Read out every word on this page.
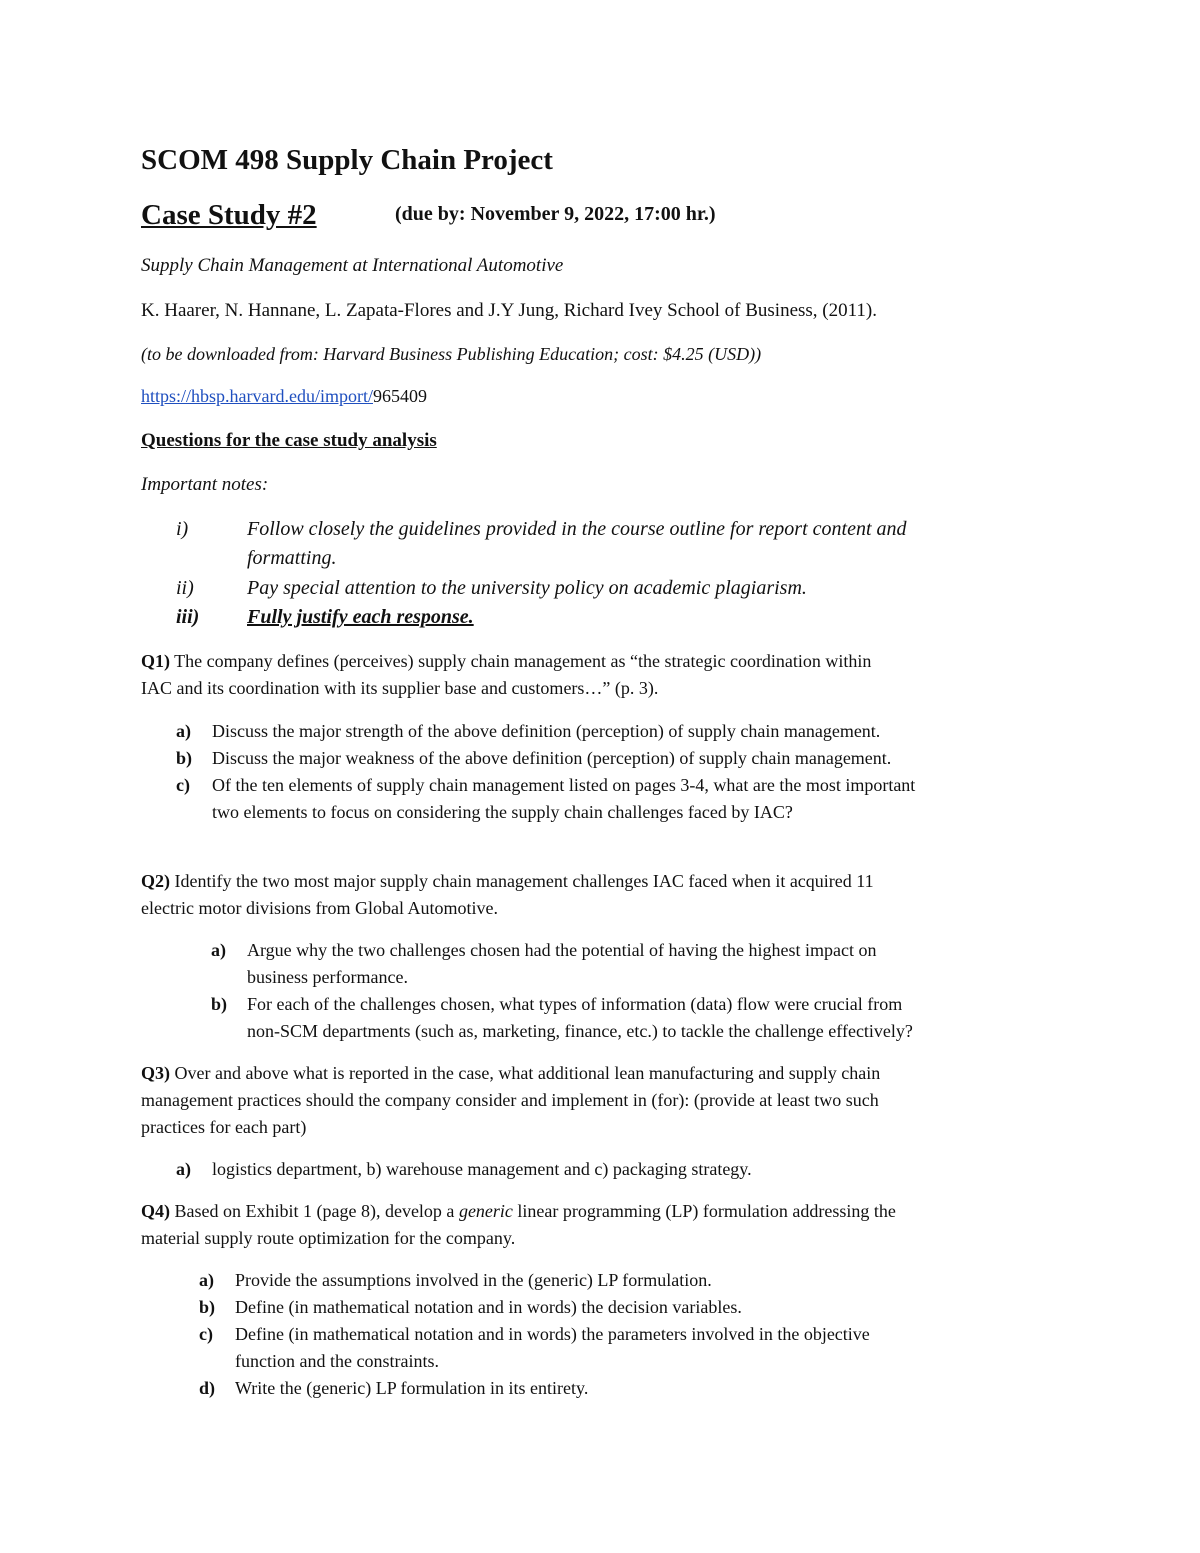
SCOM 498 Supply Chain Project
Case Study #2	(due by: November 9, 2022, 17:00 hr.)
Supply Chain Management at International Automotive
K. Haarer, N. Hannane, L. Zapata-Flores and J.Y Jung, Richard Ivey School of Business, (2011).
(to be downloaded from: Harvard Business Publishing Education; cost: $4.25 (USD))
https://hbsp.harvard.edu/import/965409
Questions for the case study analysis
Important notes:
i)	Follow closely the guidelines provided in the course outline for report content and
formatting.
ii)	Pay special attention to the university policy on academic plagiarism.
iii) Fully justify each response.
Q1) The company defines (perceives) supply chain management as “the strategic coordination within
IAC and its coordination with its supplier base and customers…” (p. 3).
a) Discuss the major strength of the above definition (perception) of supply chain management.
b) Discuss the major weakness of the above definition (perception) of supply chain management.
c) Of the ten elements of supply chain management listed on pages 3-4, what are the most important
two elements to focus on considering the supply chain challenges faced by IAC?
Q2) Identify the two most major supply chain management challenges IAC faced when it acquired 11
electric motor divisions from Global Automotive.
a) Argue why the two challenges chosen had the potential of having the highest impact on
business performance.
b) For each of the challenges chosen, what types of information (data) flow were crucial from
non-SCM departments (such as, marketing, finance, etc.) to tackle the challenge effectively?
Q3) Over and above what is reported in the case, what additional lean manufacturing and supply chain
management practices should the company consider and implement in (for): (provide at least two such
practices for each part)
a) logistics department, b) warehouse management and c) packaging strategy.
Q4) Based on Exhibit 1 (page 8), develop a generic linear programming (LP) formulation addressing the
material supply route optimization for the company.
a) Provide the assumptions involved in the (generic) LP formulation.
b) Define (in mathematical notation and in words) the decision variables.
c) Define (in mathematical notation and in words) the parameters involved in the objective
function and the constraints.
d) Write the (generic) LP formulation in its entirety.
